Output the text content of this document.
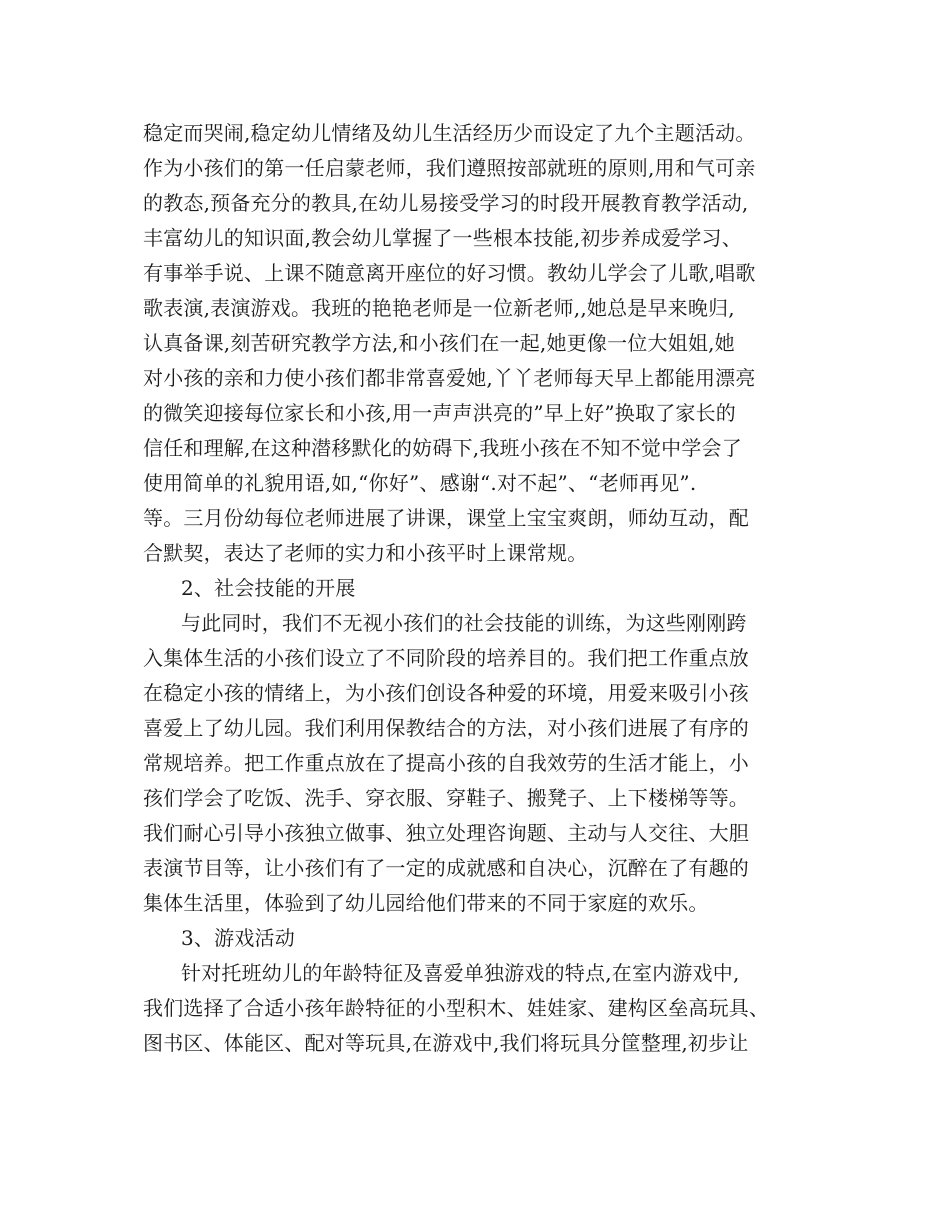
稳定而哭闹,稳定幼儿情绪及幼儿生活经历少而设定了九个主题活动。
作为小孩们的第一任启蒙老师，我们遵照按部就班的原则,用和气可亲
的教态,预备充分的教具,在幼儿易接受学习的时段开展教育教学活动,
丰富幼儿的知识面,教会幼儿掌握了一些根本技能,初步养成爱学习、
有事举手说、上课不随意离开座位的好习惯。教幼儿学会了儿歌,唱歌
歌表演,表演游戏。我班的艳艳老师是一位新老师,,她总是早来晚归,
认真备课,刻苦研究教学方法,和小孩们在一起,她更像一位大姐姐,她
对小孩的亲和力使小孩们都非常喜爱她,丫丫老师每天早上都能用漂亮
的微笑迎接每位家长和小孩,用一声声洪亮的”早上好”换取了家长的
信任和理解,在这种潜移默化的妨碍下,我班小孩在不知不觉中学会了
使用简单的礼貌用语,如,“你好”、感谢“.对不起”、“老师再见”.
等。三月份幼每位老师进展了讲课，课堂上宝宝爽朗，师幼互动，配
合默契，表达了老师的实力和小孩平时上课常规。
2、社会技能的开展
与此同时，我们不无视小孩们的社会技能的训练，为这些刚刚跨
入集体生活的小孩们设立了不同阶段的培养目的。我们把工作重点放
在稳定小孩的情绪上，为小孩们创设各种爱的环境，用爱来吸引小孩
喜爱上了幼儿园。我们利用保教结合的方法，对小孩们进展了有序的
常规培养。把工作重点放在了提高小孩的自我效劳的生活才能上，小
孩们学会了吃饭、洗手、穿衣服、穿鞋子、搬凳子、上下楼梯等等。
我们耐心引导小孩独立做事、独立处理咨询题、主动与人交往、大胆
表演节目等，让小孩们有了一定的成就感和自决心，沉醉在了有趣的
集体生活里，体验到了幼儿园给他们带来的不同于家庭的欢乐。
3、游戏活动
针对托班幼儿的年龄特征及喜爱单独游戏的特点,在室内游戏中,
我们选择了合适小孩年龄特征的小型积木、娃娃家、建构区垒高玩具、
图书区、体能区、配对等玩具,在游戏中,我们将玩具分筐整理,初步让
